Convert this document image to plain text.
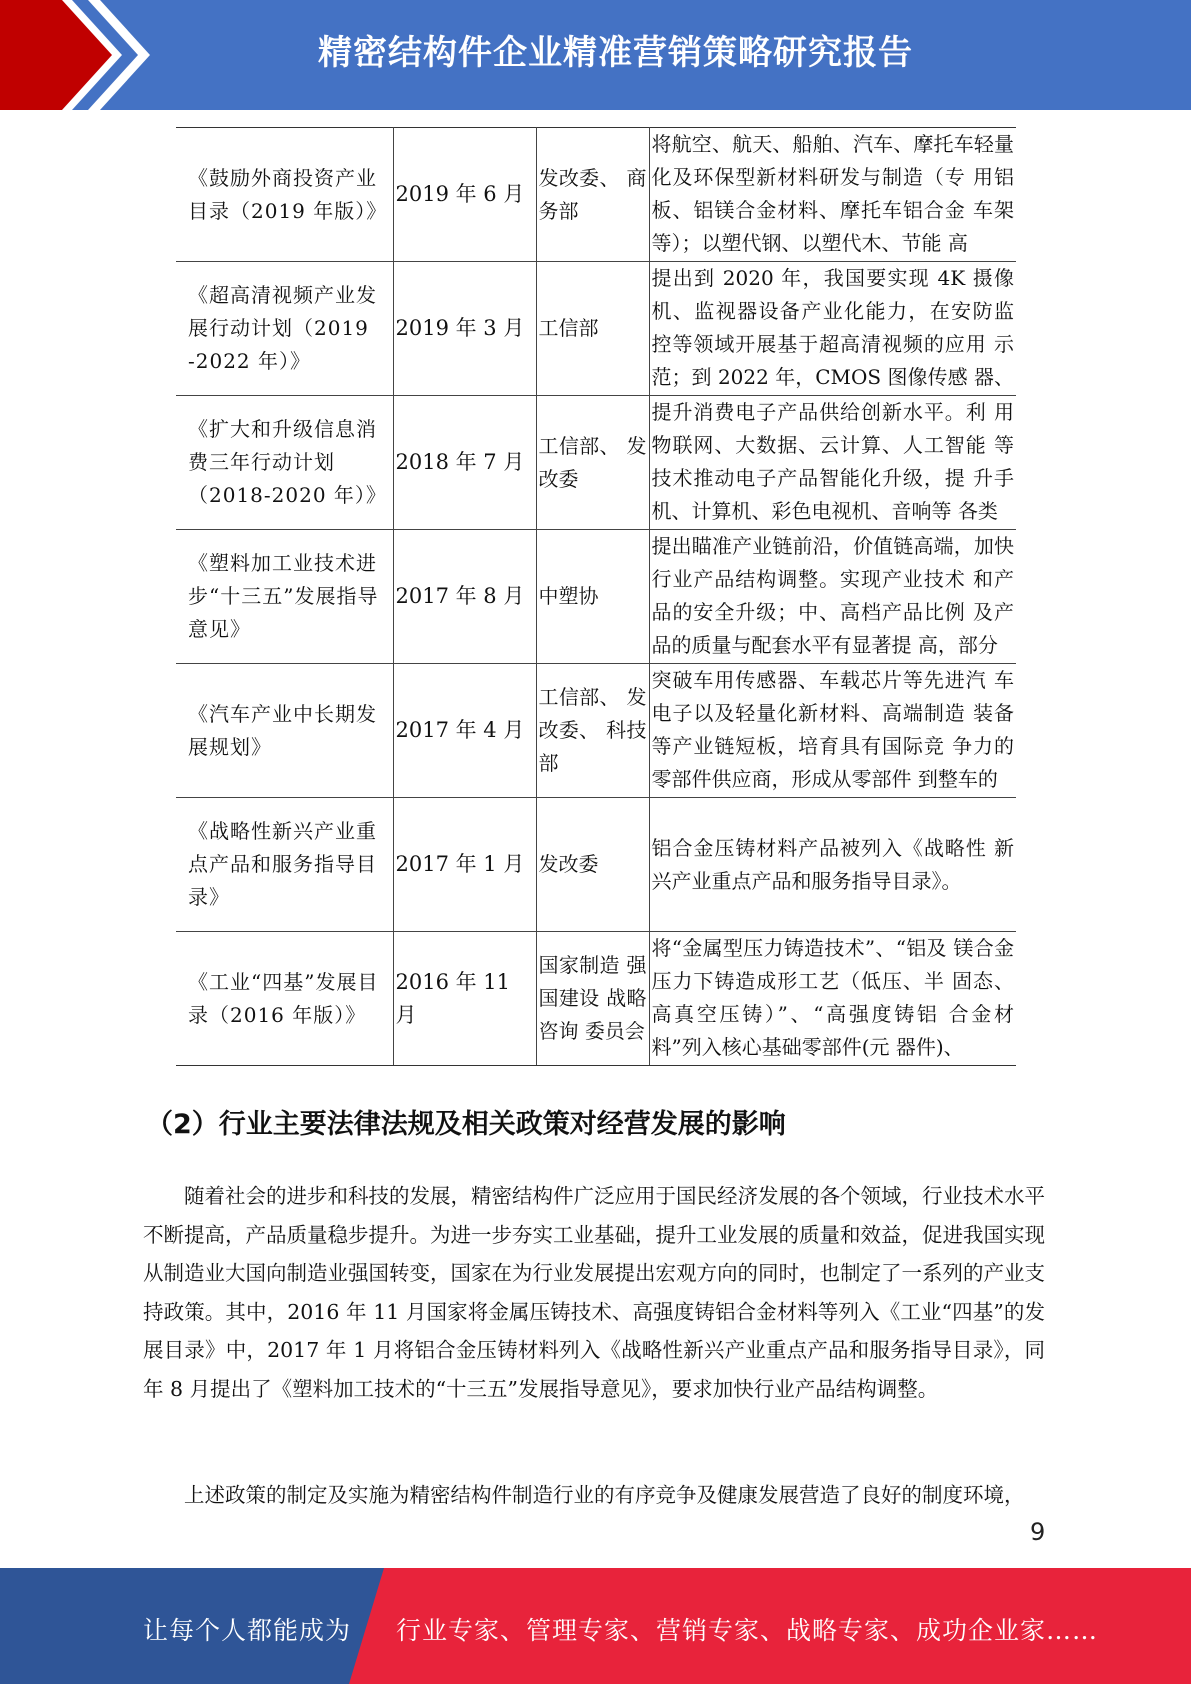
精密结构件企业精准营销策略研究报告
《鼓励外商投资产业目录（2019 年版）》	2019 年 6 月	发改委、 商务部	将航空、航天、船舶、汽车、摩托车轻量化及环保型新材料研发与制造（专 用铝板、铝镁合金材料、摩托车铝合金 车架等）；以塑代钢、以塑代木、节能 高

《超高清视频产业发展行动计划（2019 -2022 年）》	2019 年 3 月	工信部	提出到 2020 年，我国要实现 4K 摄像 机、监视器设备产业化能力，在安防监 控等领域开展基于超高清视频的应用 示范；到 2022 年，CMOS 图像传感 器、

《扩大和升级信息消费三年行动计划（2018-2020 年）》	2018 年 7 月	工信部、 发改委	提升消费电子产品供给创新水平。利 用物联网、大数据、云计算、人工智能 等技术推动电子产品智能化升级，提 升手机、计算机、彩色电视机、音响等 各类

《塑料加工业技术进步“十三五”发展指导意见》	2017 年 8 月	中塑协	提出瞄准产业链前沿，价值链高端，加快行业产品结构调整。实现产业技术 和产品的安全升级；中、高档产品比例 及产品的质量与配套水平有显著提 高，部分

《汽车产业中长期发展规划》	2017 年 4 月	工信部、 发改委、 科技部	突破车用传感器、车载芯片等先进汽 车电子以及轻量化新材料、高端制造 装备等产业链短板，培育具有国际竞 争力的零部件供应商，形成从零部件 到整车的

《战略性新兴产业重点产品和服务指导目录》	2017 年 1 月	发改委	铝合金压铸材料产品被列入《战略性 新兴产业重点产品和服务指导目录》。

《工业“四基”发展目录（2016 年版）》	2016 年 11 月	国家制造 强国建设 战略咨询 委员会	将“金属型压力铸造技术”、“铝及 镁合金压力下铸造成形工艺（低压、半 固态、高真空压铸）”、“高强度铸铝 合金材料”列入核心基础零部件(元 器件)、
（2）行业主要法律法规及相关政策对经营发展的影响

随着社会的进步和科技的发展，精密结构件广泛应用于国民经济发展的各个领域，行业技术水平不断提高，产品质量稳步提升。为进一步夯实工业基础，提升工业发展的质量和效益，促进我国实现从制造业大国向制造业强国转变，国家在为行业发展提出宏观方向的同时，也制定了一系列的产业支持政策。其中，2016 年 11 月国家将金属压铸技术、高强度铸铝合金材料等列入《工业“四基”的发展目录》中，2017 年 1 月将铝合金压铸材料列入《战略性新兴产业重点产品和服务指导目录》，同年 8 月提出了《塑料加工技术的“十三五”发展指导意见》，要求加快行业产品结构调整。

上述政策的制定及实施为精密结构件制造行业的有序竞争及健康发展营造了良好的制度环境，

9
让每个人都能成为 行业专家、管理专家、营销专家、战略专家、成功企业家……
